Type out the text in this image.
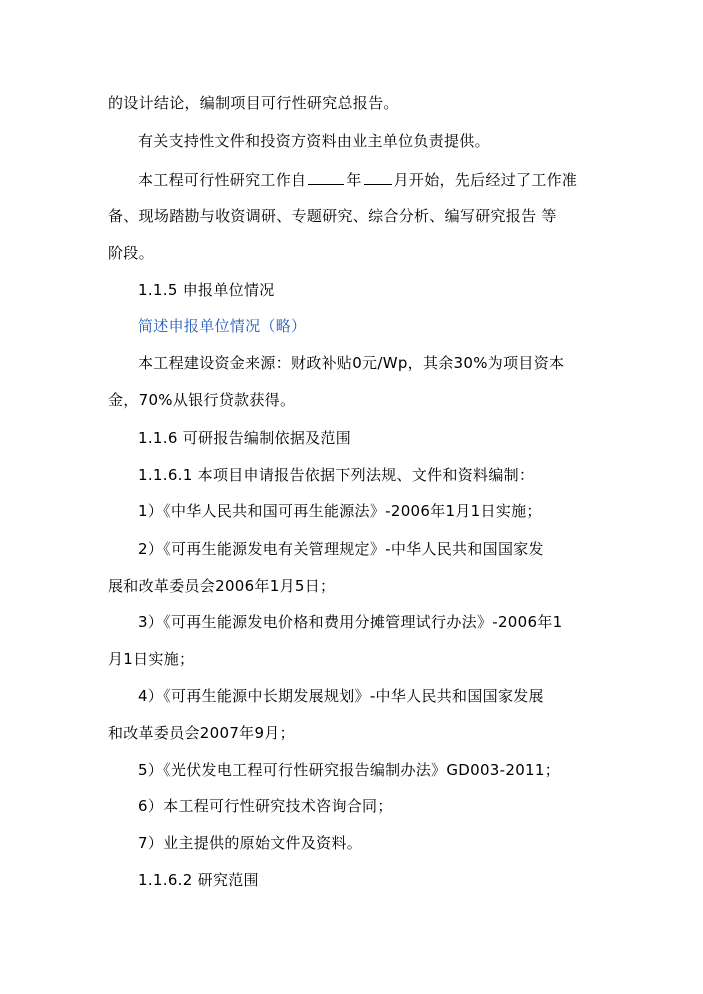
的设计结论，编制项目可行性研究总报告。
有关支持性文件和投资方资料由业主单位负责提供。
本工程可行性研究工作自	年 月开始，先后经过了工作准
备、现场踏勘与收资调研、专题研究、综合分析、编写研究报告 等
阶段。
1.1.5 申报单位情况
简述申报单位情况（略）
本工程建设资金来源：财政补贴0元/Wp，其余30%为项目资本
金，70%从银行贷款获得。
1.1.6 可研报告编制依据及范围
1.1.6.1 本项目申请报告依据下列法规、文件和资料编制：
1）《中华人民共和国可再生能源法》-2006年1月1日实施；
2）《可再生能源发电有关管理规定》-中华人民共和国国家发
展和改革委员会2006年1月5日；
3）《可再生能源发电价格和费用分摊管理试行办法》-2006年1
月1日实施；
4）《可再生能源中长期发展规划》-中华人民共和国国家发展
和改革委员会2007年9月；
5）《光伏发电工程可行性研究报告编制办法》GD003-2011；
6）本工程可行性研究技术咨询合同；
7）业主提供的原始文件及资料。
1.1.6.2 研究范围
